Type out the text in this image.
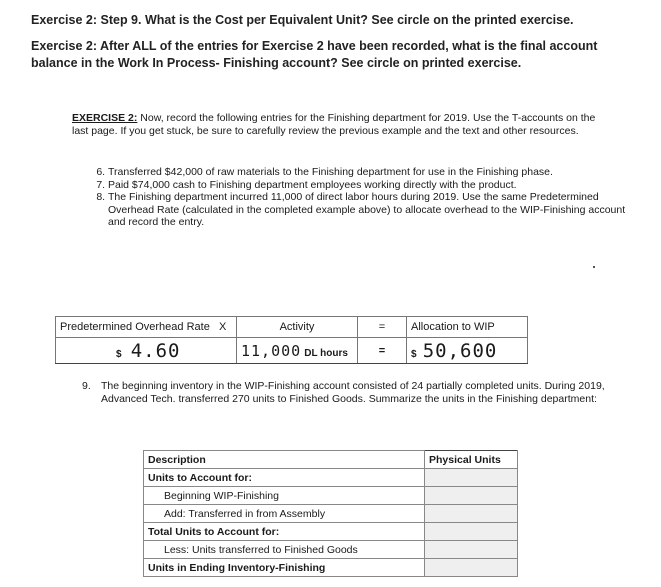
Exercise 2: Step 9. What is the Cost per Equivalent Unit? See circle on the printed exercise.
Exercise 2: After ALL of the entries for Exercise 2 have been recorded, what is the final account balance in the Work In Process- Finishing account? See circle on printed exercise.
EXERCISE 2: Now, record the following entries for the Finishing department for 2019. Use the T-accounts on the last page. If you get stuck, be sure to carefully review the previous example and the text and other resources.
6. Transferred $42,000 of raw materials to the Finishing department for use in the Finishing phase.
7. Paid $74,000 cash to Finishing department employees working directly with the product.
8. The Finishing department incurred 11,000 of direct labor hours during 2019. Use the same Predetermined Overhead Rate (calculated in the completed example above) to allocate overhead to the WIP-Finishing account and record the entry.
Predetermined Overhead Rate X	Activity	=	Allocation to WIP
$ 4.60	11,000 DL hours	=	$ 50,600
9. The beginning inventory in the WIP-Finishing account consisted of 24 partially completed units. During 2019, Advanced Tech. transferred 270 units to Finished Goods. Summarize the units in the Finishing department:
Description	Physical Units
Units to Account for:	
Beginning WIP-Finishing	
Add: Transferred in from Assembly	
Total Units to Account for:	
Less: Units transferred to Finished Goods	
Units in Ending Inventory-Finishing	
